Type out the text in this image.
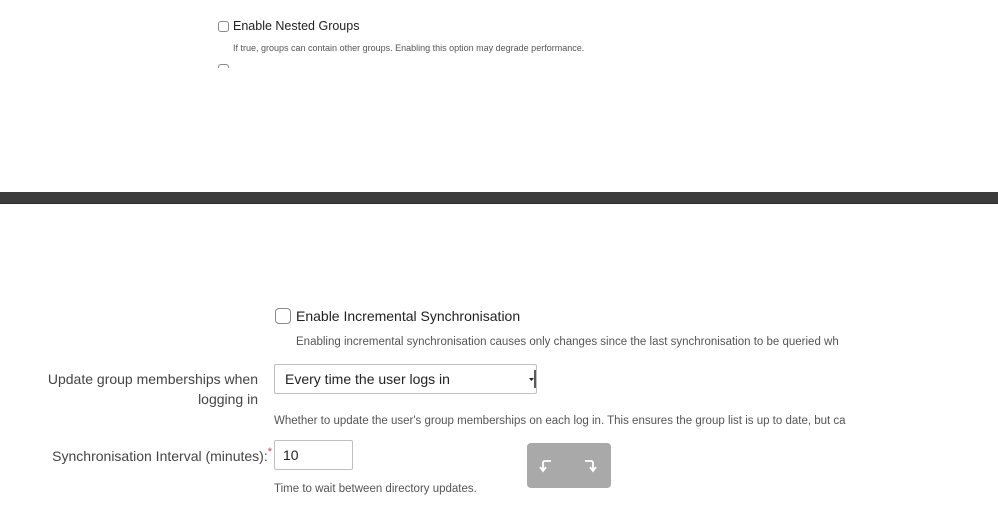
Enable Nested Groups
If true, groups can contain other groups. Enabling this option may degrade performance.
Enable Incremental Synchronisation
Enabling incremental synchronisation causes only changes since the last synchronisation to be queried wh
Update group memberships when logging in
Every time the user logs in
Whether to update the user's group memberships on each log in. This ensures the group list is up to date, but ca
Synchronisation Interval (minutes):*
10
Time to wait between directory updates.
